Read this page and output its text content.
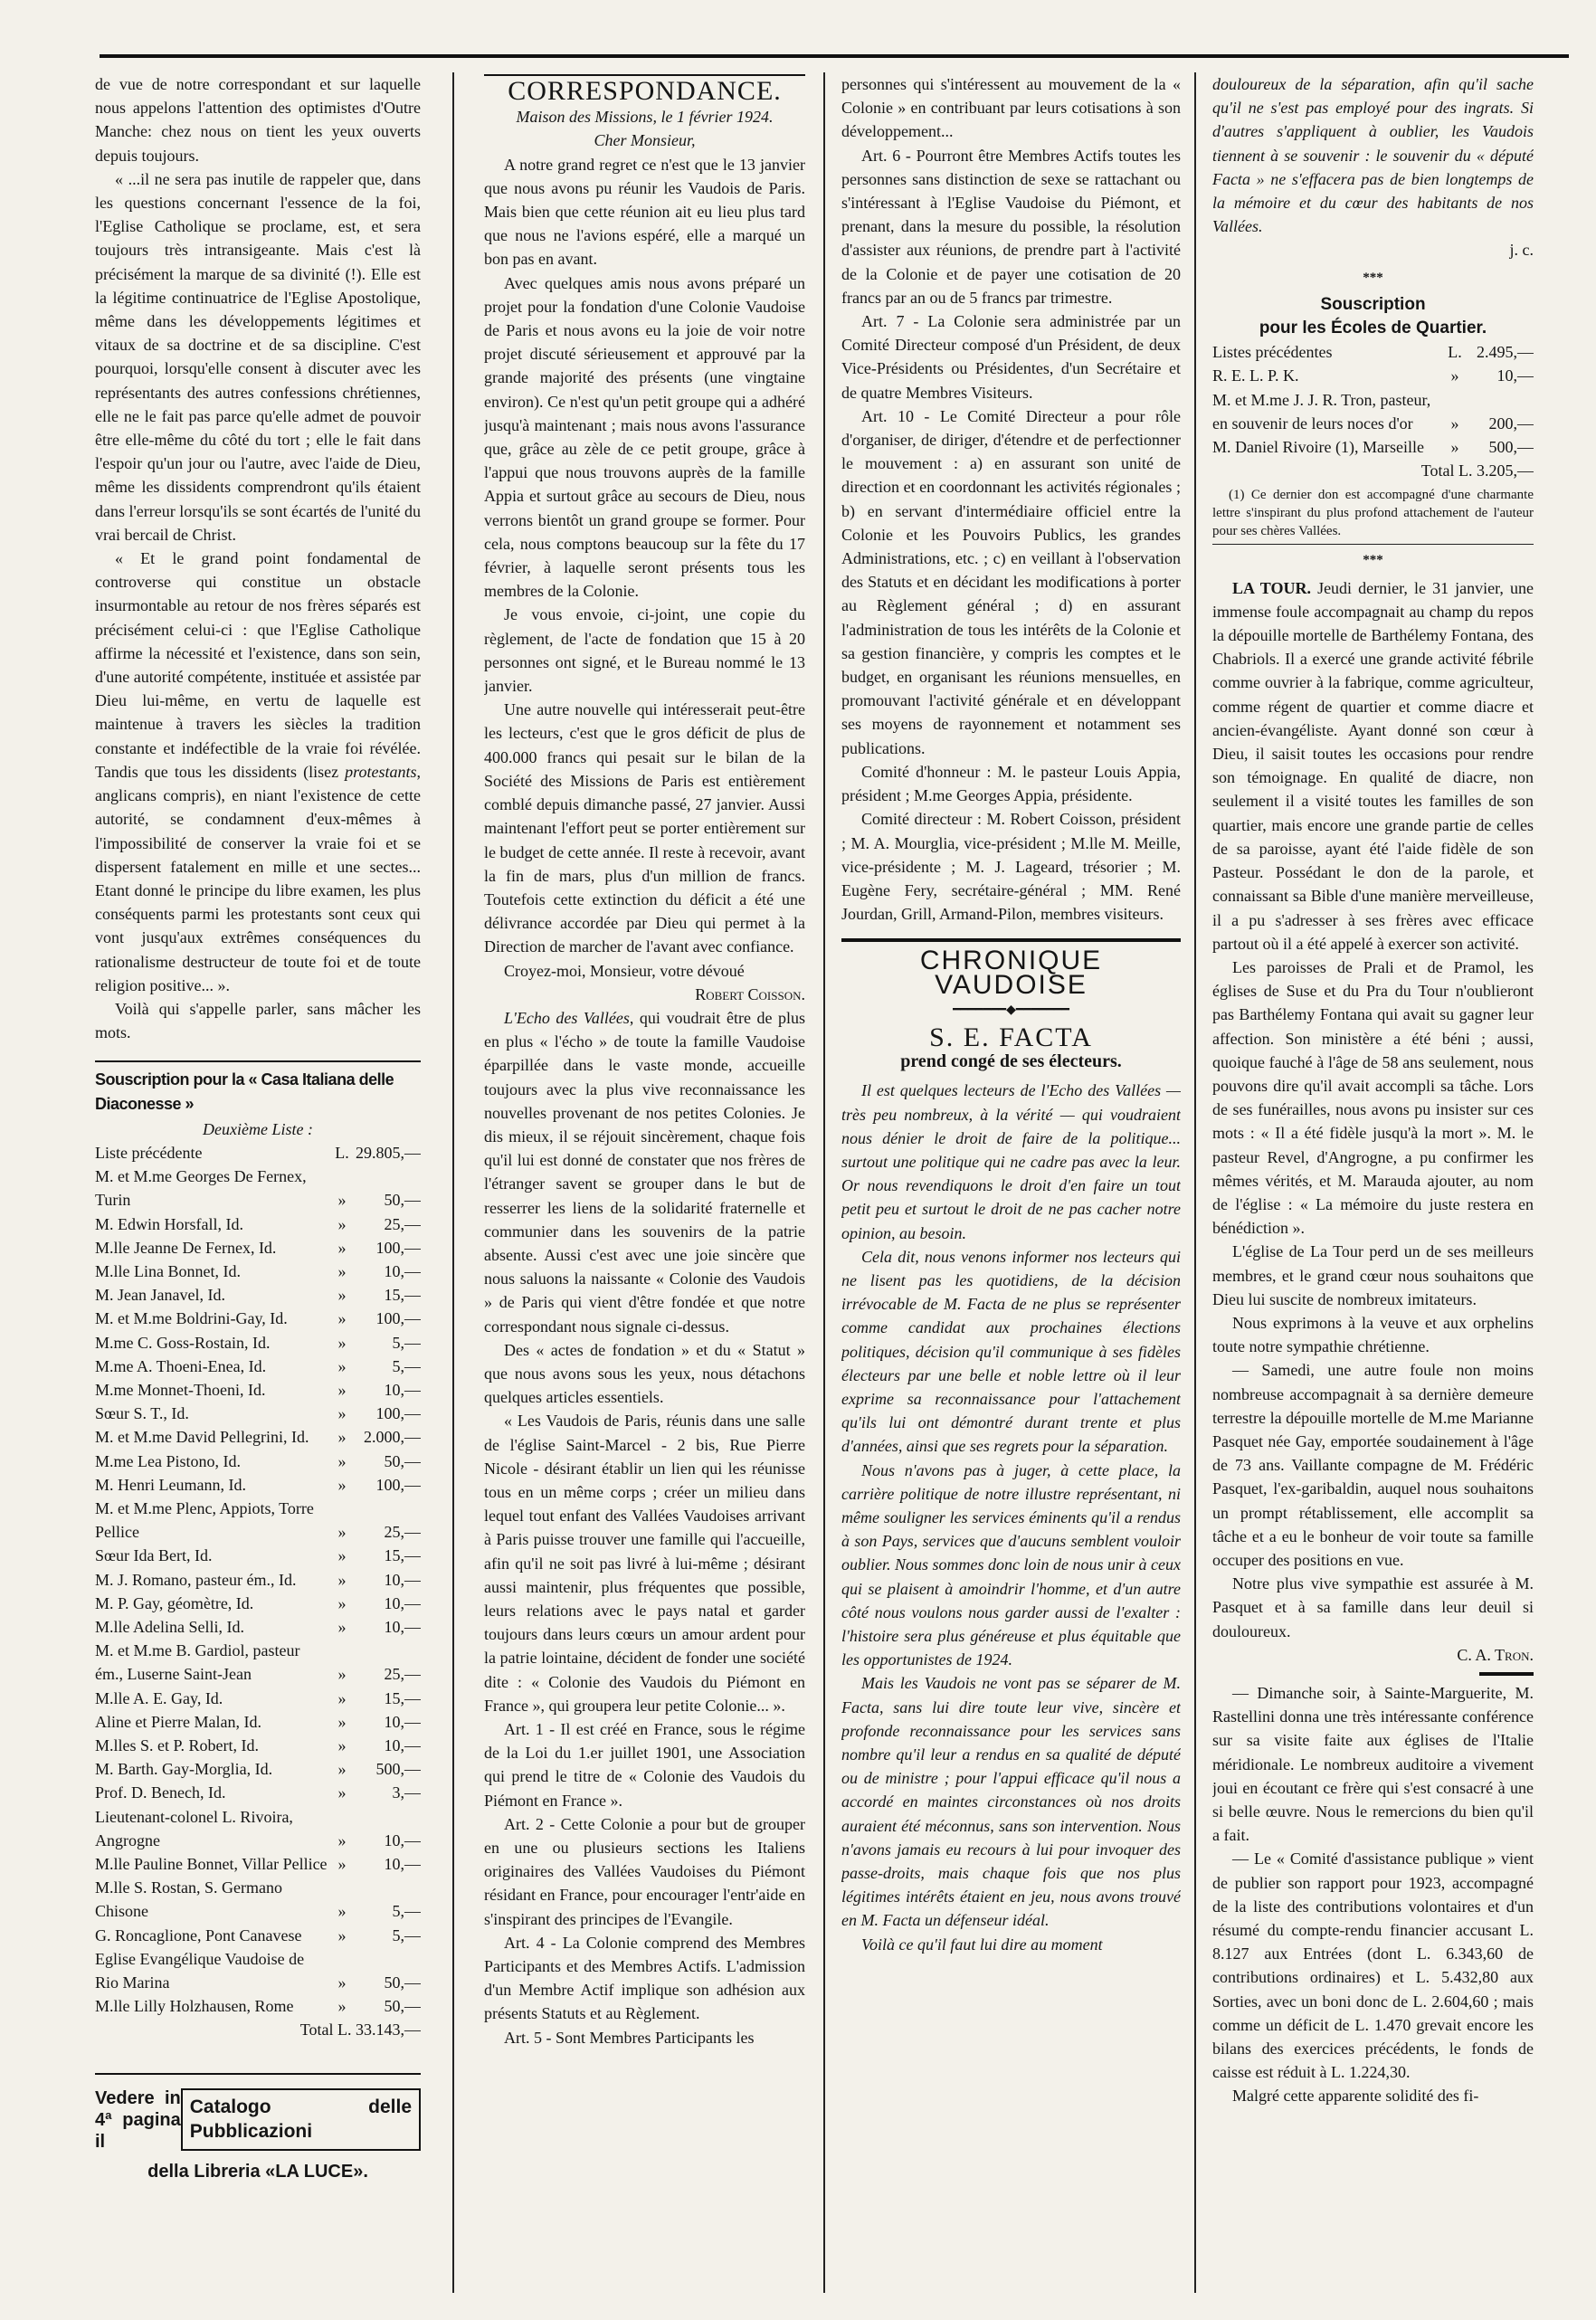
de vue de notre correspondant et sur laquelle nous appelons l'attention des optimistes d'Outre Manche: chez nous on tient les yeux ouverts depuis toujours.

« ...il ne sera pas inutile de rappeler que, dans les questions concernant l'essence de la foi, l'Eglise Catholique se proclame, est, et sera toujours très intransigeante. Mais c'est là précisément la marque de sa divinité (!). Elle est la légitime continuatrice de l'Eglise Apostolique, même dans les développements légitimes et vitaux de sa doctrine et de sa discipline. C'est pourquoi, lorsqu'elle consent à discuter avec les représentants des autres confessions chrétiennes, elle ne le fait pas parce qu'elle admet de pouvoir être elle-même du côté du tort ; elle le fait dans l'espoir qu'un jour ou l'autre, avec l'aide de Dieu, même les dissidents comprendront qu'ils étaient dans l'erreur lorsqu'ils se sont écartés de l'unité du vrai bercail de Christ.

« Et le grand point fondamental de controverse qui constitue un obstacle insurmontable au retour de nos frères séparés est précisément celui-ci : que l'Eglise Catholique affirme la nécessité et l'existence, dans son sein, d'une autorité compétente, instituée et assistée par Dieu lui-même, en vertu de laquelle est maintenue à travers les siècles la tradition constante et indéfectible de la vraie foi révélée. Tandis que tous les dissidents (lisez protestants, anglicans compris), en niant l'existence de cette autorité, se condamnent d'eux-mêmes à l'impossibilité de conserver la vraie foi et se dispersent fatalement en mille et une sectes... Etant donné le principe du libre examen, les plus conséquents parmi les protestants sont ceux qui vont jusqu'aux extrêmes conséquences du rationalisme destructeur de toute foi et de toute religion positive... ».

Voilà qui s'appelle parler, sans mâcher les mots.

Souscription pour la « Casa Italiana delle Diaconesse »
Deuxième Liste :
Liste précédente	L. 29.805,—
M. et M.me Georges De Fernex, Turin	»	50,—
M. Edwin Horsfall, Id.	»	25,—
M.lle Jeanne De Fernex, Id.	»	100,—
M.lle Lina Bonnet, Id.	»	10,—
M. Jean Janavel, Id.	»	15,—
M. et M.me Boldrini-Gay, Id.	»	100,—
M.me C. Goss-Rostain, Id.	»	5,—
M.me A. Thoeni-Enea, Id.	»	5,—
M.me Monnet-Thoeni, Id.	»	10,—
Sœur S. T., Id.	»	100,—
M. et M.me David Pellegrini, Id.	»	2.000,—
M.me Lea Pistono, Id.	»	50,—
M. Henri Leumann, Id.	»	100,—
M. et M.me Plenc, Appiots, Torre Pellice	»	25,—
Sœur Ida Bert, Id.	»	15,—
M. J. Romano, pasteur ém., Id.	»	10,—
M. P. Gay, géomètre, Id.	»	10,—
M.lle Adelina Selli, Id.	»	10,—
M. et M.me B. Gardiol, pasteur ém., Luserne Saint-Jean	»	25,—
M.lle A. E. Gay, Id.	»	15,—
Aline et Pierre Malan, Id.	»	10,—
M.lles S. et P. Robert, Id.	»	10,—
M. Barth. Gay-Morglia, Id.	»	500,—
Prof. D. Benech, Id.	»	3,—
Lieutenant-colonel L. Rivoira, Angrogne	»	10,—
M.lle Pauline Bonnet, Villar Pellice »	10,—
M.lle S. Rostan, S. Germano Chisone	»	5,—
G. Roncaglione, Pont Canavese	»	5,—
Eglise Evangélique Vaudoise de Rio Marina	»	50,—
M.lle Lilly Holzhausen, Rome	»	50,—
Total L. 33.143,—
Vedere in 4ª pagina il
Catalogo delle Pubblicazioni
della Libreria «LA LUCE».
CORRESPONDANCE.
Maison des Missions, le 1 février 1924.
Cher Monsieur,

A notre grand regret ce n'est que le 13 janvier que nous avons pu réunir les Vaudois de Paris. Mais bien que cette réunion ait eu lieu plus tard que nous ne l'avions espéré, elle a marqué un bon pas en avant.

Avec quelques amis nous avons préparé un projet pour la fondation d'une Colonie Vaudoise de Paris et nous avons eu la joie de voir notre projet discuté sérieusement et approuvé par la grande majorité des présents (une vingtaine environ). Ce n'est qu'un petit groupe qui a adhéré jusqu'à maintenant ; mais nous avons l'assurance que, grâce au zèle de ce petit groupe, grâce à l'appui que nous trouvons auprès de la famille Appia et surtout grâce au secours de Dieu, nous verrons bientôt un grand groupe se former. Pour cela, nous comptons beaucoup sur la fête du 17 février, à laquelle seront présents tous les membres de la Colonie.

Je vous envoie, ci-joint, une copie du règlement, de l'acte de fondation que 15 à 20 personnes ont signé, et le Bureau nommé le 13 janvier.

Une autre nouvelle qui intéresserait peut-être les lecteurs, c'est que le gros déficit de plus de 400.000 francs qui pesait sur le bilan de la Société des Missions de Paris est entièrement comblé depuis dimanche passé, 27 janvier. Aussi maintenant l'effort peut se porter entièrement sur le budget de cette année. Il reste à recevoir, avant la fin de mars, plus d'un million de francs. Toutefois cette extinction du déficit a été une délivrance accordée par Dieu qui permet à la Direction de marcher de l'avant avec confiance.

Croyez-moi, Monsieur, votre dévoué

Robert Coisson.

L'Echo des Vallées, qui voudrait être de plus en plus « l'écho » de toute la famille Vaudoise éparpillée dans le vaste monde, accueille toujours avec la plus vive reconnaissance les nouvelles provenant de nos petites Colonies. Je dis mieux, il se réjouit sincèrement, chaque fois qu'il lui est donné de constater que nos frères de l'étranger savent se grouper dans le but de resserrer les liens de la solidarité fraternelle et communier dans les souvenirs de la patrie absente. Aussi c'est avec une joie sincère que nous saluons la naissante « Colonie des Vaudois » de Paris qui vient d'être fondée et que notre correspondant nous signale ci-dessus.

Des « actes de fondation » et du « Statut » que nous avons sous les yeux, nous détachons quelques articles essentiels.

« Les Vaudois de Paris, réunis dans une salle de l'église Saint-Marcel - 2 bis, Rue Pierre Nicole - désirant établir un lien qui les réunisse tous en un même corps ; créer un milieu dans lequel tout enfant des Vallées Vaudoises arrivant à Paris puisse trouver une famille qui l'accueille, afin qu'il ne soit pas livré à lui-même ; désirant aussi maintenir, plus fréquentes que possible, leurs relations avec le pays natal et garder toujours dans leurs cœurs un amour ardent pour la patrie lointaine, décident de fonder une société dite : « Colonie des Vaudois du Piémont en France », qui groupera leur petite Colonie... ».

Art. 1 - Il est créé en France, sous le régime de la Loi du 1.er juillet 1901, une Association qui prend le titre de « Colonie des Vaudois du Piémont en France ».

Art. 2 - Cette Colonie a pour but de grouper en une ou plusieurs sections les Italiens originaires des Vallées Vaudoises du Piémont résidant en France, pour encourager l'entr'aide en s'inspirant des principes de l'Evangile.

Art. 4 - La Colonie comprend des Membres Participants et des Membres Actifs. L'admission d'un Membre Actif implique son adhésion aux présents Statuts et au Règlement.

Art. 5 - Sont Membres Participants les

personnes qui s'intéressent au mouvement de la « Colonie » en contribuant par leurs cotisations à son développement...

Art. 6 - Pourront être Membres Actifs toutes les personnes sans distinction de sexe se rattachant ou s'intéressant à l'Eglise Vaudoise du Piémont, et prenant, dans la mesure du possible, la résolution d'assister aux réunions, de prendre part à l'activité de la Colonie et de payer une cotisation de 20 francs par an ou de 5 francs par trimestre.

Art. 7 - La Colonie sera administrée par un Comité Directeur composé d'un Président, de deux Vice-Présidents ou Présidentes, d'un Secrétaire et de quatre Membres Visiteurs.

Art. 10 - Le Comité Directeur a pour rôle d'organiser, de diriger, d'étendre et de perfectionner le mouvement : a) en assurant son unité de direction et en coordonnant les activités régionales ; b) en servant d'intermédiaire officiel entre la Colonie et les Pouvoirs Publics, les grandes Administrations, etc. ; c) en veillant à l'observation des Statuts et en décidant les modifications à porter au Règlement général ; d) en assurant l'administration de tous les intérêts de la Colonie et sa gestion financière, y compris les comptes et le budget, en organisant les réunions mensuelles, en promouvant l'activité générale et en développant ses moyens de rayonnement et notamment ses publications.

Comité d'honneur : M. le pasteur Louis Appia, président ; M.me Georges Appia, présidente.

Comité directeur : M. Robert Coisson, président ; M. A. Mourglia, vice-président ; M.lle M. Meille, vice-présidente ; M. J. Lageard, trésorier ; M. Eugène Fery, secrétaire-général ; MM. René Jourdan, Grill, Armand-Pilon, membres visiteurs.

CHRONIQUE VAUDOISE
━━━━━━━◆━━━━━━━
S. E. FACTA
prend congé de ses électeurs.

Il est quelques lecteurs de l'Echo des Vallées — très peu nombreux, à la vérité — qui voudraient nous dénier le droit de faire de la politique... surtout une politique qui ne cadre pas avec la leur. Or nous revendiquons le droit d'en faire un tout petit peu et surtout le droit de ne pas cacher notre opinion, au besoin.

Cela dit, nous venons informer nos lecteurs qui ne lisent pas les quotidiens, de la décision irrévocable de M. Facta de ne plus se représenter comme candidat aux prochaines élections politiques, décision qu'il communique à ses fidèles électeurs par une belle et noble lettre où il leur exprime sa reconnaissance pour l'attachement qu'ils lui ont démontré durant trente et plus d'années, ainsi que ses regrets pour la séparation.

Nous n'avons pas à juger, à cette place, la carrière politique de notre illustre représentant, ni même souligner les services éminents qu'il a rendus à son Pays, services que d'aucuns semblent vouloir oublier. Nous sommes donc loin de nous unir à ceux qui se plaisent à amoindrir l'homme, et d'un autre côté nous voulons nous garder aussi de l'exalter : l'histoire sera plus généreuse et plus équitable que les opportunistes de 1924.

Mais les Vaudois ne vont pas se séparer de M. Facta, sans lui dire toute leur vive, sincère et profonde reconnaissance pour les services sans nombre qu'il leur a rendus en sa qualité de député ou de ministre ; pour l'appui efficace qu'il nous a accordé en maintes circonstances où nos droits auraient été méconnus, sans son intervention. Nous n'avons jamais eu recours à lui pour invoquer des passe-droits, mais chaque fois que nos plus légitimes intérêts étaient en jeu, nous avons trouvé en M. Facta un défenseur idéal.

Voilà ce qu'il faut lui dire au moment

douloureux de la séparation, afin qu'il sache qu'il ne s'est pas employé pour des ingrats. Si d'autres s'appliquent à oublier, les Vaudois tiennent à se souvenir : le souvenir du « député Facta » ne s'effacera pas de bien longtemps de la mémoire et du cœur des habitants de nos Vallées.

j. c.
***
Souscription
pour les Écoles de Quartier.
Listes précédentes	L. 2.495,—
R. E. L. P. K.	»	10,—
M. et M.me J. J. R. Tron, pasteur, en souvenir de leurs noces d'or	»	200,—
M. Daniel Rivoire (1), Marseille	»	500,—
Total L. 3.205,—
(1) Ce dernier don est accompagné d'une charmante lettre s'inspirant du plus profond attachement de l'auteur pour ses chères Vallées.
***

LA TOUR. Jeudi dernier, le 31 janvier, une immense foule accompagnait au champ du repos la dépouille mortelle de Barthélemy Fontana, des Chabriols. Il a exercé une grande activité fébrile comme ouvrier à la fabrique, comme agriculteur, comme régent de quartier et comme diacre et ancien-évangéliste. Ayant donné son cœur à Dieu, il saisit toutes les occasions pour rendre son témoignage. En qualité de diacre, non seulement il a visité toutes les familles de son quartier, mais encore une grande partie de celles de sa paroisse, ayant été l'aide fidèle de son Pasteur. Possédant le don de la parole, et connaissant sa Bible d'une manière merveilleuse, il a pu s'adresser à ses frères avec efficace partout où il a été appelé à exercer son activité.

Les paroisses de Prali et de Pramol, les églises de Suse et du Pra du Tour n'oublieront pas Barthélemy Fontana qui avait su gagner leur affection. Son ministère a été béni ; aussi, quoique fauché à l'âge de 58 ans seulement, nous pouvons dire qu'il avait accompli sa tâche. Lors de ses funérailles, nous avons pu insister sur ces mots : « Il a été fidèle jusqu'à la mort ». M. le pasteur Revel, d'Angrogne, a pu confirmer les mêmes vérités, et M. Marauda ajouter, au nom de l'église : « La mémoire du juste restera en bénédiction ».

L'église de La Tour perd un de ses meilleurs membres, et le grand cœur nous souhaitons que Dieu lui suscite de nombreux imitateurs.

Nous exprimons à la veuve et aux orphelins toute notre sympathie chrétienne.

— Samedi, une autre foule non moins nombreuse accompagnait à sa dernière demeure terrestre la dépouille mortelle de M.me Marianne Pasquet née Gay, emportée soudainement à l'âge de 73 ans. Vaillante compagne de M. Frédéric Pasquet, l'ex-garibaldin, auquel nous souhaitons un prompt rétablissement, elle accomplit sa tâche et a eu le bonheur de voir toute sa famille occuper des positions en vue.

Notre plus vive sympathie est assurée à M. Pasquet et à sa famille dans leur deuil si douloureux.

C. A. Tron.

— Dimanche soir, à Sainte-Marguerite, M. Rastellini donna une très intéressante conférence sur sa visite faite aux églises de l'Italie méridionale. Le nombreux auditoire a vivement joui en écoutant ce frère qui s'est consacré à une si belle œuvre. Nous le remercions du bien qu'il a fait.

— Le « Comité d'assistance publique » vient de publier son rapport pour 1923, accompagné de la liste des contributions volontaires et d'un résumé du compte-rendu financier accusant L. 8.127 aux Entrées (dont L. 6.343,60 de contributions ordinaires) et L. 5.432,80 aux Sorties, avec un boni donc de L. 2.604,60 ; mais comme un déficit de L. 1.470 grevait encore les bilans des exercices précédents, le fonds de caisse est réduit à L. 1.224,30.

Malgré cette apparente solidité des fi-
